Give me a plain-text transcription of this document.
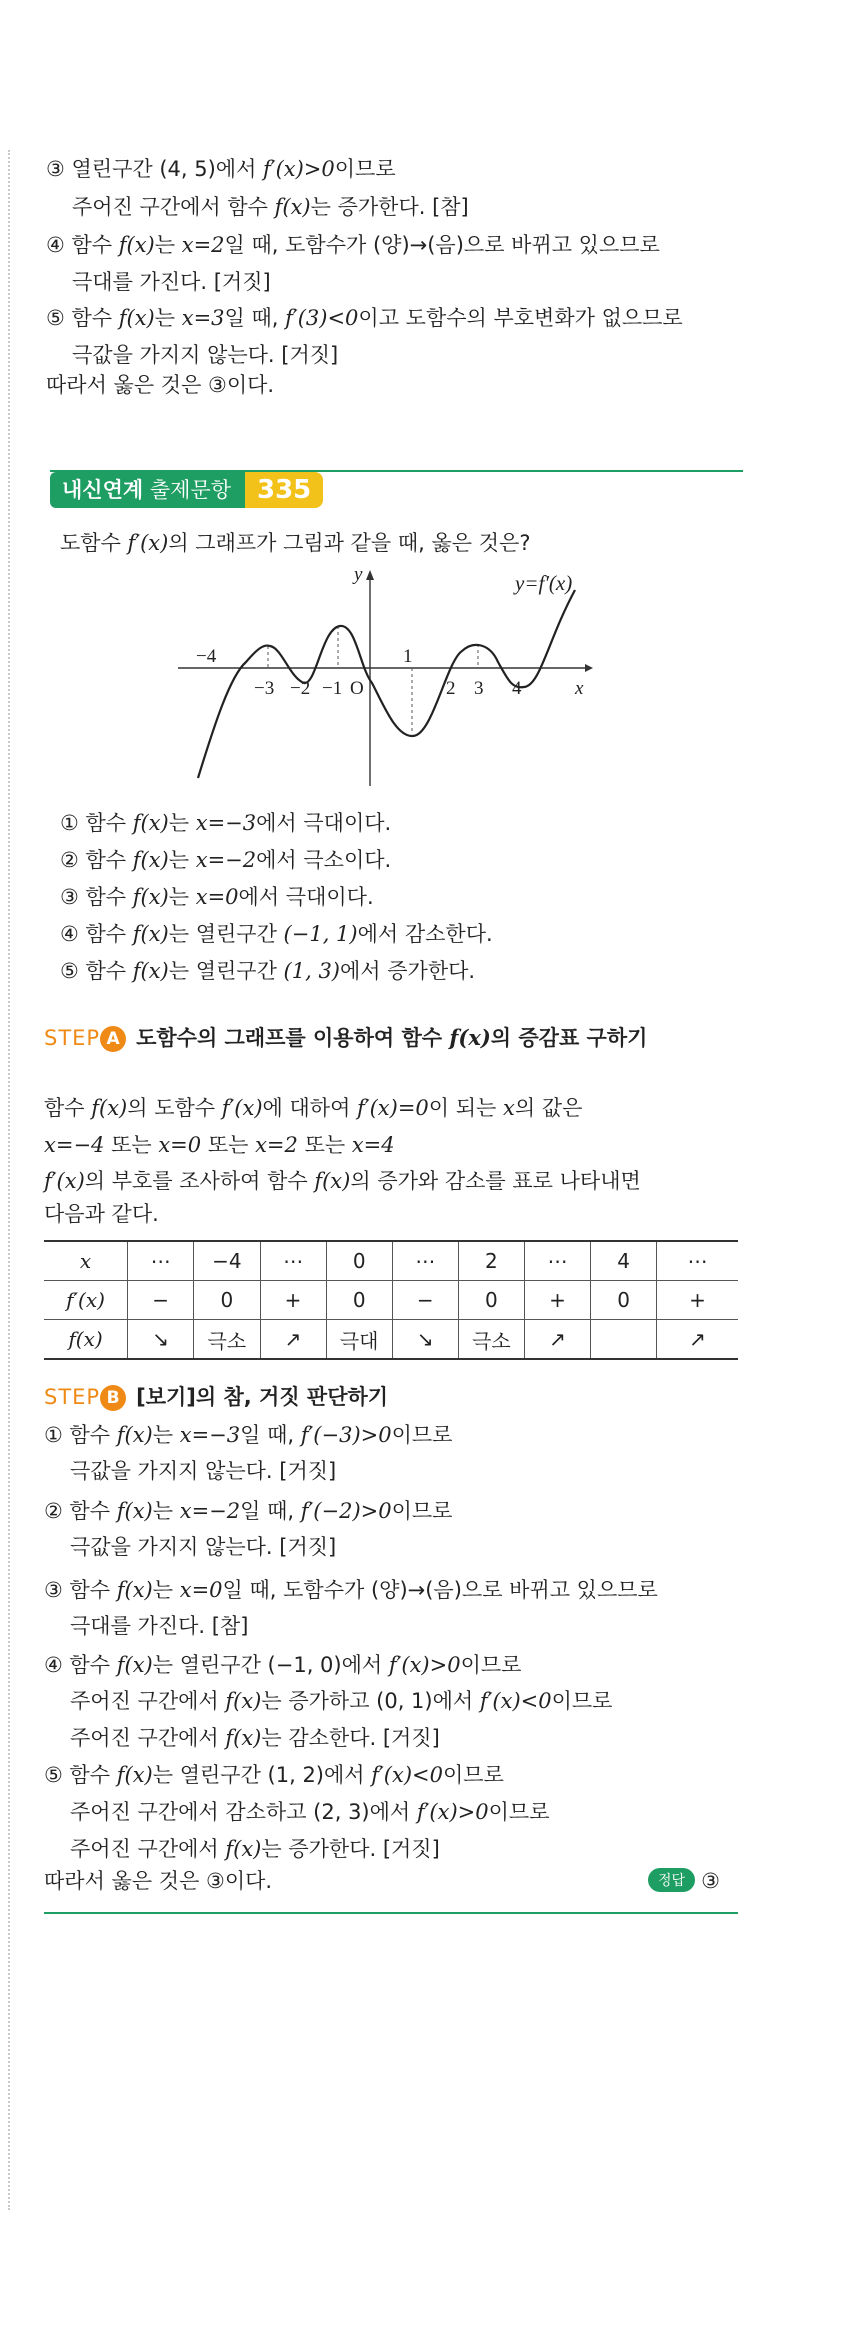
③ 열린구간 (4, 5)에서 f′(x)>0이므로
주어진 구간에서 함수 f(x)는 증가한다. [참]
④ 함수 f(x)는 x=2일 때, 도함수가 (양)→(음)으로 바뀌고 있으므로
극대를 가진다. [거짓]
⑤ 함수 f(x)는 x=3일 때, f′(3)<0이고 도함수의 부호변화가 없으므로
극값을 가지지 않는다. [거짓]
따라서 옳은 것은 ③이다.
내신연계 출제문항 335
도함수 f′(x)의 그래프가 그림과 같을 때, 옳은 것은?
y=f′(x)
y
x
O
−4	1
−3 −2 −1	2 3 4
① 함수 f(x)는 x=−3에서 극대이다.
② 함수 f(x)는 x=−2에서 극소이다.
③ 함수 f(x)는 x=0에서 극대이다.
④ 함수 f(x)는 열린구간 (−1, 1)에서 감소한다.
⑤ 함수 f(x)는 열린구간 (1, 3)에서 증가한다.
STEP A 도함수의 그래프를 이용하여 함수 f(x)의 증감표 구하기
함수 f(x)의 도함수 f′(x)에 대하여 f′(x)=0이 되는 x의 값은
x=−4 또는 x=0 또는 x=2 또는 x=4
f′(x)의 부호를 조사하여 함수 f(x)의 증가와 감소를 표로 나타내면
다음과 같다.
x	⋯	−4	⋯	0	⋯	2	⋯	4	⋯
f′(x)	−	0	+	0	−	0	+	0	+
f(x)	↘	극소	↗	극대	↘	극소	↗		↗
STEP B [보기]의 참, 거짓 판단하기
① 함수 f(x)는 x=−3일 때, f′(−3)>0이므로
극값을 가지지 않는다. [거짓]
② 함수 f(x)는 x=−2일 때, f′(−2)>0이므로
극값을 가지지 않는다. [거짓]
③ 함수 f(x)는 x=0일 때, 도함수가 (양)→(음)으로 바뀌고 있으므로
극대를 가진다. [참]
④ 함수 f(x)는 열린구간 (−1, 0)에서 f′(x)>0이므로
주어진 구간에서 f(x)는 증가하고 (0, 1)에서 f′(x)<0이므로
주어진 구간에서 f(x)는 감소한다. [거짓]
⑤ 함수 f(x)는 열린구간 (1, 2)에서 f′(x)<0이므로
주어진 구간에서 감소하고 (2, 3)에서 f′(x)>0이므로
주어진 구간에서 f(x)는 증가한다. [거짓]
따라서 옳은 것은 ③이다.	정답 ③
